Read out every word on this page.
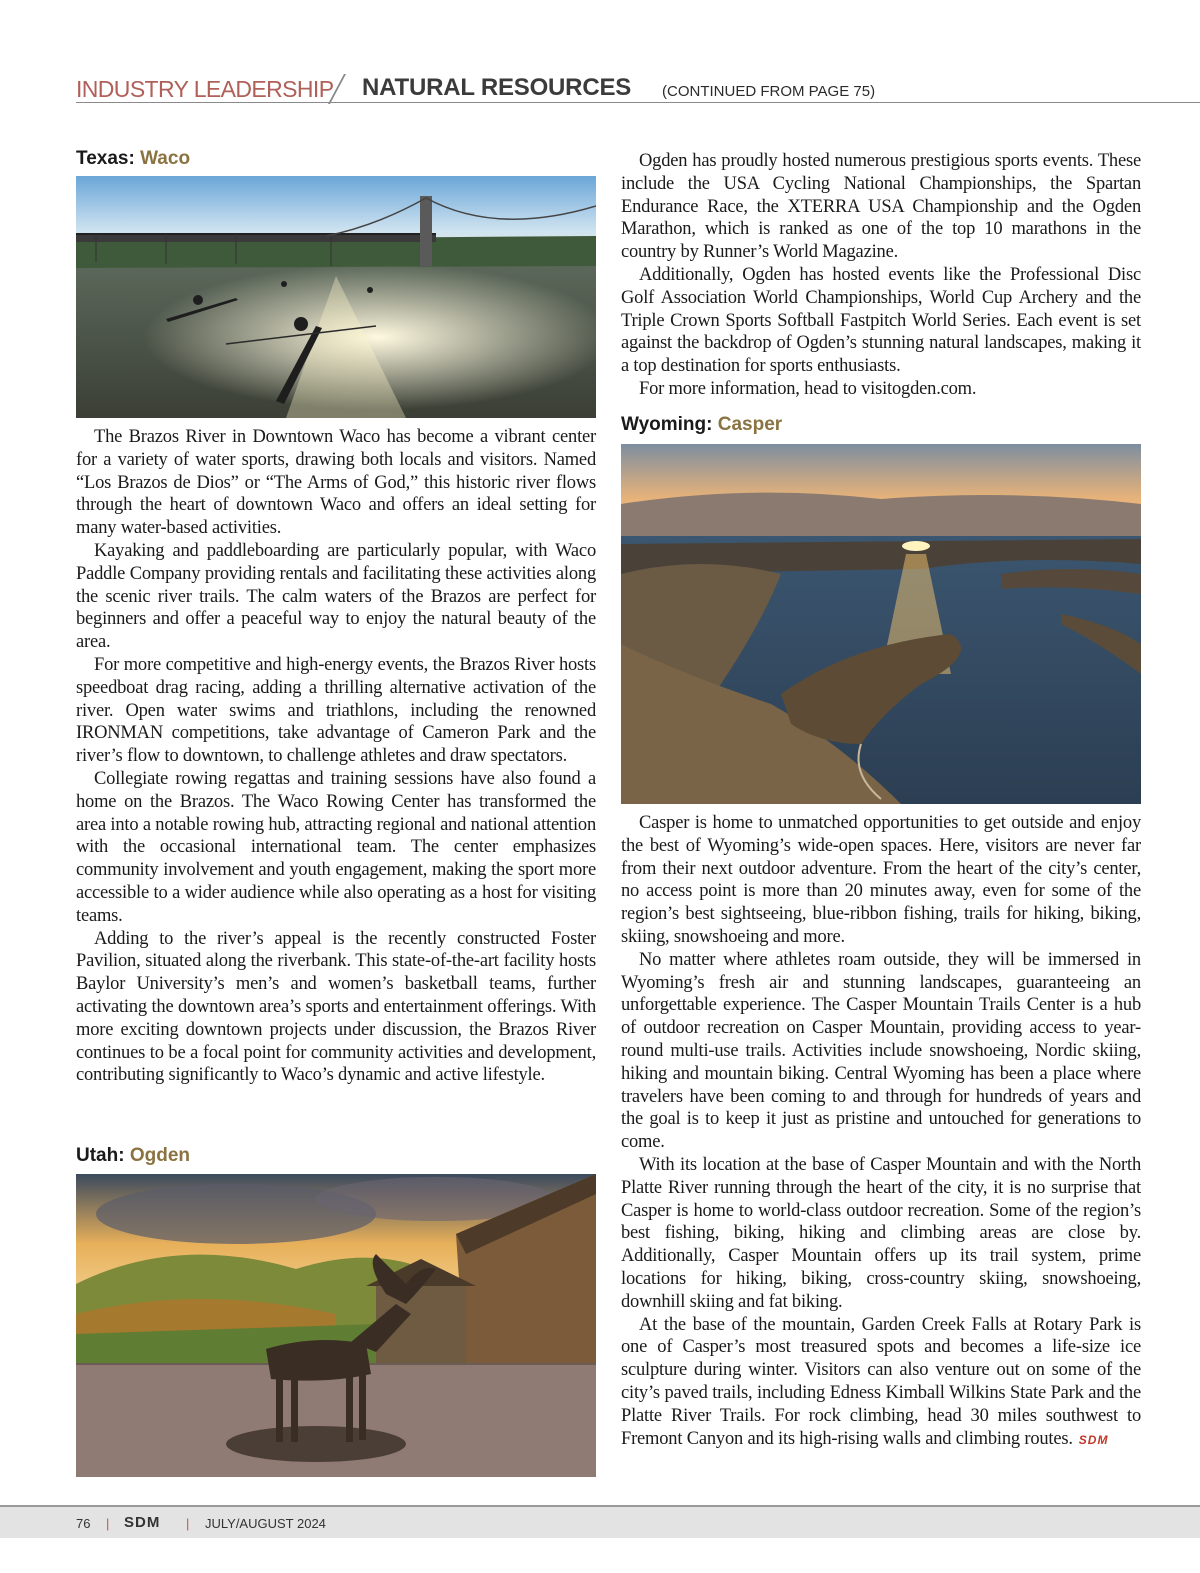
INDUSTRY LEADERSHIP NATURAL RESOURCES (CONTINUED FROM PAGE 75)
Texas: Waco

The Brazos River in Downtown Waco has become a vibrant center for a variety of water sports, drawing both locals and visitors. Named “Los Brazos de Dios” or “The Arms of God,” this historic river flows through the heart of downtown Waco and offers an ideal setting for many water-based activities.

Kayaking and paddleboarding are particularly popular, with Waco Paddle Company providing rentals and facilitating these activities along the scenic river trails. The calm waters of the Brazos are perfect for beginners and offer a peaceful way to enjoy the natural beauty of the area.

For more competitive and high-energy events, the Brazos River hosts speedboat drag racing, adding a thrilling alternative activation of the river. Open water swims and triathlons, including the renowned IRONMAN competitions, take advantage of Cameron Park and the river’s flow to downtown, to challenge athletes and draw spectators.

Collegiate rowing regattas and training sessions have also found a home on the Brazos. The Waco Rowing Center has transformed the area into a notable rowing hub, attracting regional and national attention with the occasional international team. The center emphasizes community involvement and youth engagement, making the sport more accessible to a wider audience while also operating as a host for visiting teams.

Adding to the river’s appeal is the recently constructed Foster Pavilion, situated along the riverbank. This state-of-the-art facility hosts Baylor University’s men’s and women’s basketball teams, further activating the downtown area’s sports and entertainment offerings. With more exciting downtown projects under discussion, the Brazos River continues to be a focal point for community activities and development, contributing significantly to Waco’s dynamic and active lifestyle.

Utah: Ogden

Ogden has proudly hosted numerous prestigious sports events. These include the USA Cycling National Championships, the Spartan Endurance Race, the XTERRA USA Championship and the Ogden Marathon, which is ranked as one of the top 10 marathons in the country by Runner’s World Magazine.

Additionally, Ogden has hosted events like the Professional Disc Golf Association World Championships, World Cup Archery and the Triple Crown Sports Softball Fastpitch World Series. Each event is set against the backdrop of Ogden’s stunning natural landscapes, making it a top destination for sports enthusiasts.

For more information, head to visitogden.com.

Wyoming: Casper

Casper is home to unmatched opportunities to get outside and enjoy the best of Wyoming’s wide-open spaces. Here, visitors are never far from their next outdoor adventure. From the heart of the city’s center, no access point is more than 20 minutes away, even for some of the region’s best sightseeing, blue-ribbon fishing, trails for hiking, biking, skiing, snowshoeing and more.

No matter where athletes roam outside, they will be immersed in Wyoming’s fresh air and stunning landscapes, guaranteeing an unforgettable experience. The Casper Mountain Trails Center is a hub of outdoor recreation on Casper Mountain, providing access to year-round multi-use trails. Activities include snowshoeing, Nordic skiing, hiking and mountain biking. Central Wyoming has been a place where travelers have been coming to and through for hundreds of years and the goal is to keep it just as pristine and untouched for generations to come.

With its location at the base of Casper Mountain and with the North Platte River running through the heart of the city, it is no surprise that Casper is home to world-class outdoor recreation. Some of the region’s best fishing, biking, hiking and climbing areas are close by. Additionally, Casper Mountain offers up its trail system, prime locations for hiking, biking, cross-country skiing, snowshoeing, downhill skiing and fat biking.

At the base of the mountain, Garden Creek Falls at Rotary Park is one of Casper’s most treasured spots and becomes a life-size ice sculpture during winter. Visitors can also venture out on some of the city’s paved trails, including Edness Kimball Wilkins State Park and the Platte River Trails. For rock climbing, head 30 miles southwest to Fremont Canyon and its high-rising walls and climbing routes. SDM

76 | SDM | JULY/AUGUST 2024
